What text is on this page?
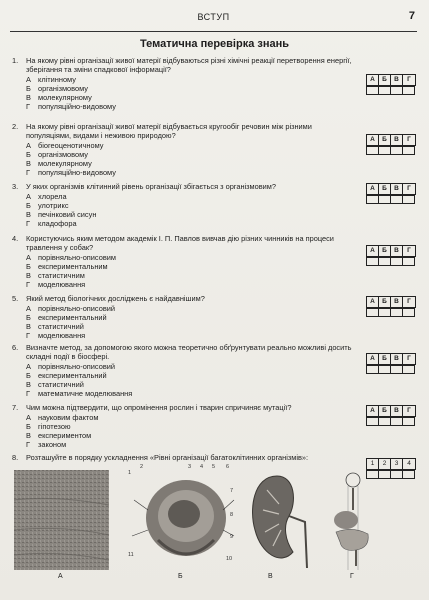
ВСТУП	7
Тематична перевірка знань
1. На якому рівні організації живої матерії відбуваються різні хімічні реакції перетворення енергії, зберігання та зміни спадкової інформації?
А клітинному
Б організмовому
В молекулярному
Г	популяційно-видовому
А	Б	В	Г
2. На якому рівні організації живої матерії відбувається кругообіг речовин між різними популяціями, видами і неживою природою?
А біогеоценотичному
Б організмовому
В молекулярному
Г	популяційно-видовому
А	Б	В	Г
3. У яких організмів клітинний рівень організації збігається з організмовим?
А хлорела
Б улотрикс
В печінковий сисун
Г	кладофора
А	Б	В	Г
4. Користуючись яким методом академік І. П. Павлов вивчав дію різних чинників на процеси травлення у собак?
А порівняльно-описовим
Б експериментальним
В статистичним
Г	моделювання
А	Б	В	Г
5. Який метод біологічних досліджень є найдавнішим?
А порівняльно-описовий
Б експериментальний
В статистичний
Г	моделювання
А	Б	В	Г
6. Визначте метод, за допомогою якого можна теоретично обґрунтувати реально можливі досить складні події в біосфері.
А порівняльно-описовий
Б експериментальний
В статистичний
Г	математичне моделювання
А	Б	В	Г
7. Чим можна підтвердити, що опромінення рослин і тварин спричиняє мутації?
А науковим фактом
Б гіпотезою
В експериментом
Г	законом
А	Б	В	Г
8. Розташуйте в порядку ускладнення «Рівні організації багатоклітинних організмів»:
1	2	3	4
1
2	3 4 5 6
7
8
9
10
11
А	Б	В	Г
